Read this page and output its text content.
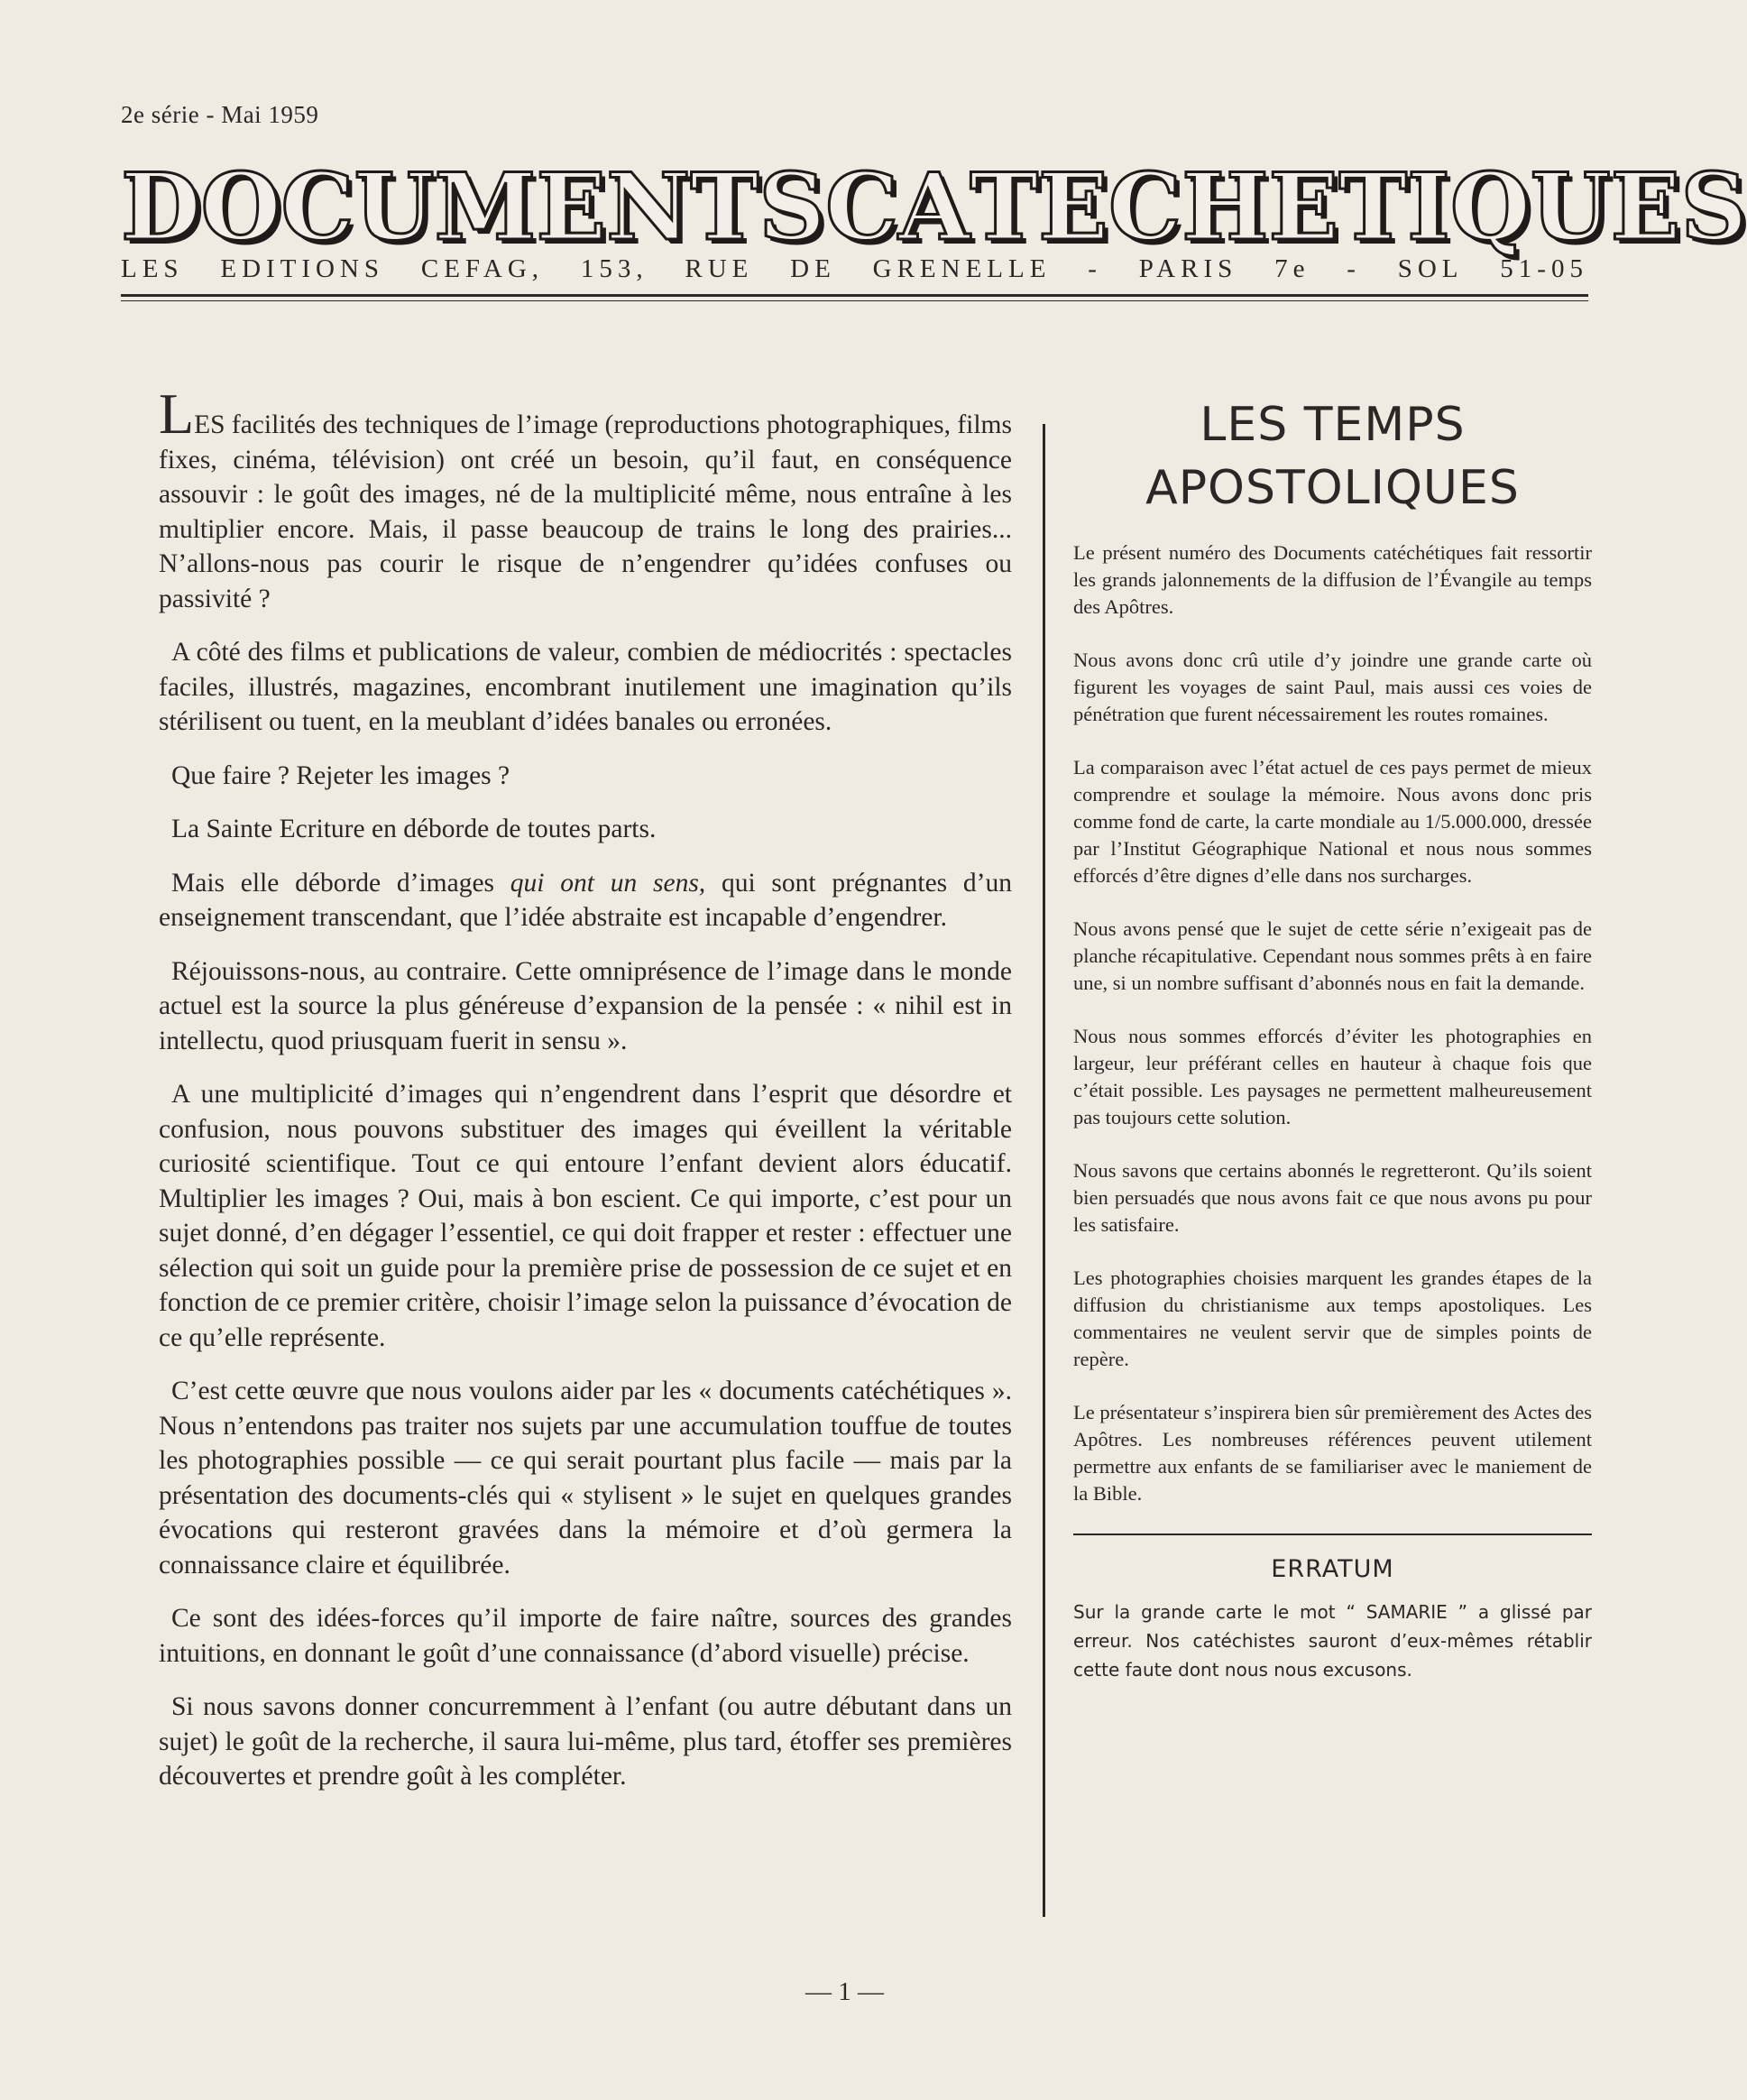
2e série - Mai 1959
D O C U M E N T S C A T E C H E T I Q U E S
LES EDITIONS CEFAG, 153, RUE DE GRENELLE - PARIS 7e - SOL 51-05

LES facilités des techniques de l’image (reproductions photographiques, films fixes, cinéma, télévision) ont créé un besoin, qu’il faut, en conséquence assouvir : le goût des images, né de la multiplicité même, nous entraîne à les multiplier encore. Mais, il passe beaucoup de trains le long des prairies... N’allons-nous pas courir le risque de n’engendrer qu’idées confuses ou passivité ?

A côté des films et publications de valeur, combien de médiocrités : spectacles faciles, illustrés, magazines, encombrant inutilement une imagination qu’ils stérilisent ou tuent, en la meublant d’idées banales ou erronées.

Que faire ? Rejeter les images ?

La Sainte Ecriture en déborde de toutes parts.

Mais elle déborde d’images qui ont un sens, qui sont prégnantes d’un enseignement transcendant, que l’idée abstraite est incapable d’engendrer.

Réjouissons-nous, au contraire. Cette omniprésence de l’image dans le monde actuel est la source la plus généreuse d’expansion de la pensée : « nihil est in intellectu, quod priusquam fuerit in sensu ».

A une multiplicité d’images qui n’engendrent dans l’esprit que désordre et confusion, nous pouvons substituer des images qui éveillent la véritable curiosité scientifique. Tout ce qui entoure l’enfant devient alors éducatif. Multiplier les images ? Oui, mais à bon escient. Ce qui importe, c’est pour un sujet donné, d’en dégager l’essentiel, ce qui doit frapper et rester : effectuer une sélection qui soit un guide pour la première prise de possession de ce sujet et en fonction de ce premier critère, choisir l’image selon la puissance d’évocation de ce qu’elle représente.

C’est cette œuvre que nous voulons aider par les « documents catéchétiques ». Nous n’entendons pas traiter nos sujets par une accumulation touffue de toutes les photographies possible — ce qui serait pourtant plus facile — mais par la présentation des documents-clés qui « stylisent » le sujet en quelques grandes évocations qui resteront gravées dans la mémoire et d’où germera la connaissance claire et équilibrée.

Ce sont des idées-forces qu’il importe de faire naître, sources des grandes intuitions, en donnant le goût d’une connaissance (d’abord visuelle) précise.

Si nous savons donner concurremment à l’enfant (ou autre débutant dans un sujet) le goût de la recherche, il saura lui-même, plus tard, étoffer ses premières découvertes et prendre goût à les compléter.

LES TEMPS
APOSTOLIQUES

Le présent numéro des Documents catéchétiques fait ressortir les grands jalonnements de la diffusion de l’Évangile au temps des Apôtres.

Nous avons donc crû utile d’y joindre une grande carte où figurent les voyages de saint Paul, mais aussi ces voies de pénétration que furent nécessairement les routes romaines.

La comparaison avec l’état actuel de ces pays permet de mieux comprendre et soulage la mémoire. Nous avons donc pris comme fond de carte, la carte mondiale au 1/5.000.000, dressée par l’Institut Géographique National et nous nous sommes efforcés d’être dignes d’elle dans nos surcharges.

Nous avons pensé que le sujet de cette série n’exigeait pas de planche récapitulative. Cependant nous sommes prêts à en faire une, si un nombre suffisant d’abonnés nous en fait la demande.

Nous nous sommes efforcés d’éviter les photographies en largeur, leur préférant celles en hauteur à chaque fois que c’était possible. Les paysages ne permettent malheureusement pas toujours cette solution.

Nous savons que certains abonnés le regretteront. Qu’ils soient bien persuadés que nous avons fait ce que nous avons pu pour les satisfaire.

Les photographies choisies marquent les grandes étapes de la diffusion du christianisme aux temps apostoliques. Les commentaires ne veulent servir que de simples points de repère.

Le présentateur s’inspirera bien sûr premièrement des Actes des Apôtres. Les nombreuses références peuvent utilement permettre aux enfants de se familiariser avec le maniement de la Bible.

ERRATUM

Sur la grande carte le mot “ SAMARIE ” a glissé par erreur. Nos catéchistes sauront d’eux-mêmes rétablir cette faute dont nous nous excusons.

— 1 —
